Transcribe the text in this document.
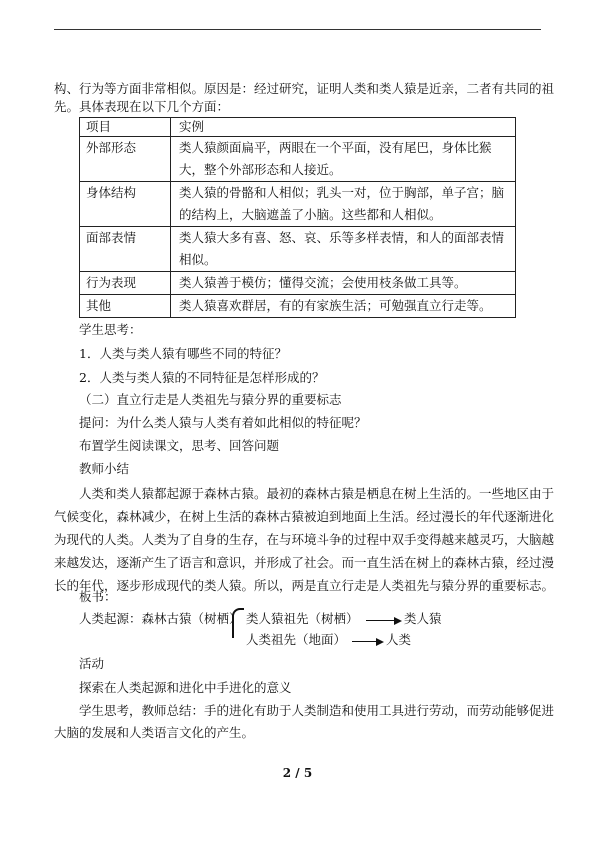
构、行为等方面非常相似。原因是：经过研究，证明人类和类人猿是近亲，二者有共同的祖
先。具体表现在以下几个方面：
项目	实例
外部形态	类人猿颜面扁平，两眼在一个平面，没有尾巴，身体比猴大，整个外部形态和人接近。
身体结构	类人猿的骨骼和人相似；乳头一对，位于胸部，单子宫；脑的结构上，大脑遮盖了小脑。这些都和人相似。
面部表情	类人猿大多有喜、怒、哀、乐等多样表情，和人的面部表情相似。
行为表现	类人猿善于模仿；懂得交流；会使用枝条做工具等。
其他	类人猿喜欢群居，有的有家族生活；可勉强直立行走等。
学生思考：
1．人类与类人猿有哪些不同的特征？
2．人类与类人猿的不同特征是怎样形成的？
（二）直立行走是人类祖先与猿分界的重要标志
提问：为什么类人猿与人类有着如此相似的特征呢？
布置学生阅读课文，思考、回答问题
教师小结
人类和类人猿都起源于森林古猿。最初的森林古猿是栖息在树上生活的。一些地区由于
气候变化，森林减少，在树上生活的森林古猿被迫到地面上生活。经过漫长的年代逐渐进化
为现代的人类。人类为了自身的生存，在与环境斗争的过程中双手变得越来越灵巧，大脑越
来越发达，逐渐产生了语言和意识，并形成了社会。而一直生活在树上的森林古猿，经过漫
长的年代，逐步形成现代的类人猿。所以，两是直立行走是人类祖先与猿分界的重要标志。
板书：
人类起源：森林古猿（树栖） 类人猿祖先（树栖）	类人猿
人类祖先（地面）	人类
活动
探索在人类起源和进化中手进化的意义
学生思考，教师总结：手的进化有助于人类制造和使用工具进行劳动，而劳动能够促进
大脑的发展和人类语言文化的产生。
2 / 5
